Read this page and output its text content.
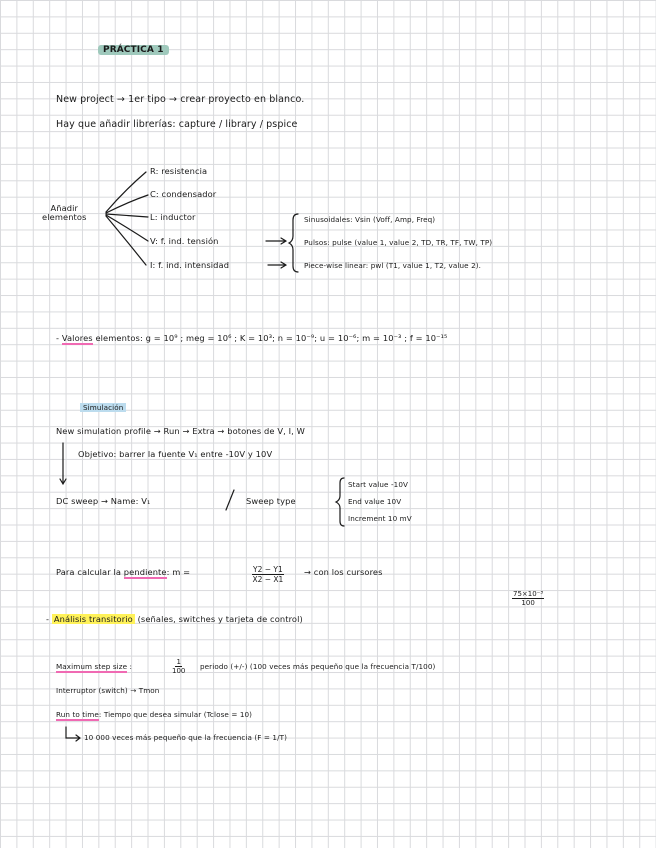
PRÁCTICA 1
New project → 1er tipo → crear proyecto en blanco.
Hay que añadir librerías: capture / library / pspice
Añadir
elementos
R: resistencia
C: condensador
L: inductor
V: f. ind. tensión
I: f. ind. intensidad
Sinusoidales: Vsin (Voff, Amp, Freq)
Pulsos: pulse (value 1, value 2, TD, TR, TF, TW, TP)
Piece-wise linear: pwl (T1, value 1, T2, value 2).
- Valores elementos: g = 10⁹ ; meg = 10⁶ ; K = 10³; n = 10⁻⁹; u = 10⁻⁶; m = 10⁻³ ; f = 10⁻¹⁵
Simulación
New simulation profile → Run → Extra → botones de V, I, W
Objetivo: barrer la fuente V₁ entre -10V y 10V
DC sweep → Name: V₁	Sweep type
Start value -10V
End value 10V
Increment 10 mV
Para calcular la pendiente: m =	$\frac{Y2 - Y1}{X2 - X1}$ → con los cursores
$\frac{\text{75×10⁻³}}{100}$
- Análisis transitorio (señales, switches y tarjeta de control)
Maximum step size :	$\frac{1}{100}$ periodo (+/-) (100 veces más pequeño que la frecuencia T/100)
Interruptor (switch) → Tmon
Run to time: Tiempo que desea simular (Tclose = 10)
10 000 veces más pequeño que la frecuencia (F = 1/T)
